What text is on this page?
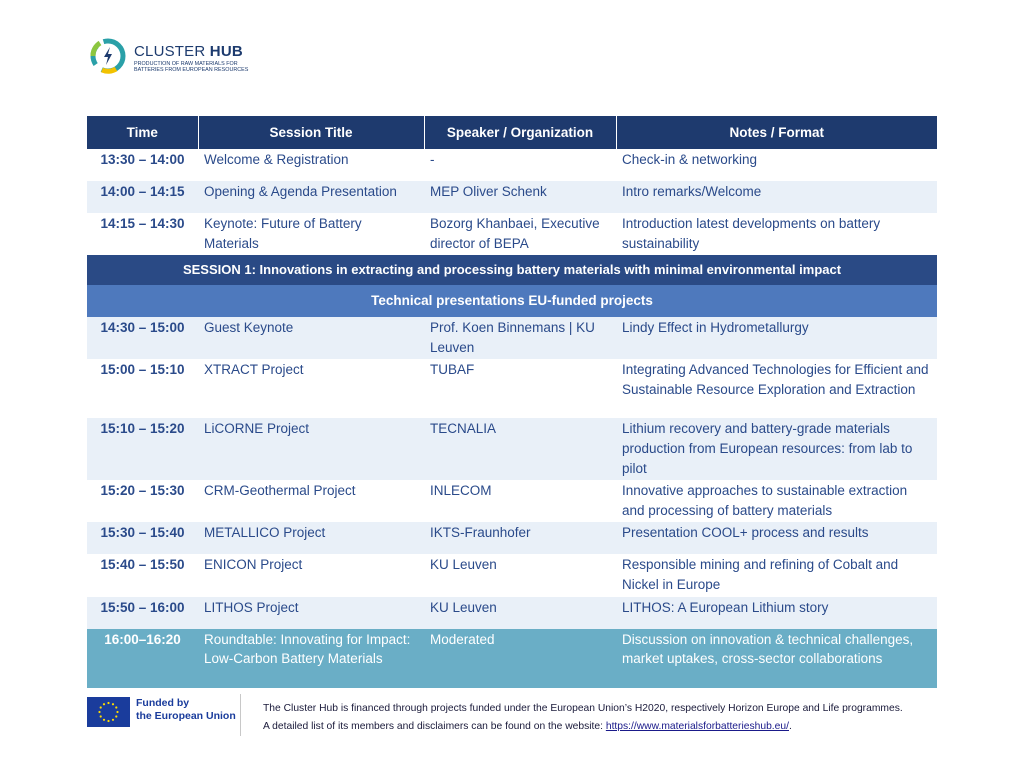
CLUSTER HUB
PRODUCTION OF RAW MATERIALS FOR BATTERIES FROM EUROPEAN RESOURCES
Time	Session Title	Speaker / Organization	Notes / Format
13:30 – 14:00	Welcome & Registration	-	Check-in & networking
14:00 – 14:15	Opening & Agenda Presentation	MEP Oliver Schenk	Intro remarks/Welcome
14:15 – 14:30	Keynote: Future of Battery Materials	Bozorg Khanbaei, Executive director of BEPA	Introduction latest developments on battery sustainability
SESSION 1: Innovations in extracting and processing battery materials with minimal environmental impact			
Technical presentations EU-funded projects			
14:30 – 15:00	Guest Keynote	Prof. Koen Binnemans | KU Leuven	Lindy Effect in Hydrometallurgy
15:00 – 15:10	XTRACT Project	TUBAF	Integrating Advanced Technologies for Efficient and Sustainable Resource Exploration and Extraction
15:10 – 15:20	LiCORNE Project	TECNALIA	Lithium recovery and battery-grade materials production from European resources: from lab to pilot
15:20 – 15:30	CRM-Geothermal Project	INLECOM	Innovative approaches to sustainable extraction and processing of battery materials
15:30 – 15:40	METALLICO Project	IKTS-Fraunhofer	Presentation COOL+ process and results
15:40 – 15:50	ENICON Project	KU Leuven	Responsible mining and refining of Cobalt and Nickel in Europe
15:50 – 16:00	LITHOS Project	KU Leuven	LITHOS: A European Lithium story
16:00–16:20	Roundtable: Innovating for Impact: Low-Carbon Battery Materials	Moderated	Discussion on innovation & technical challenges, market uptakes, cross-sector collaborations
Funded by
the European Union
The Cluster Hub is financed through projects funded under the European Union’s H2020, respectively Horizon Europe and Life programmes.
A detailed list of its members and disclaimers can be found on the website: https://www.materialsforbatterieshub.eu/.
